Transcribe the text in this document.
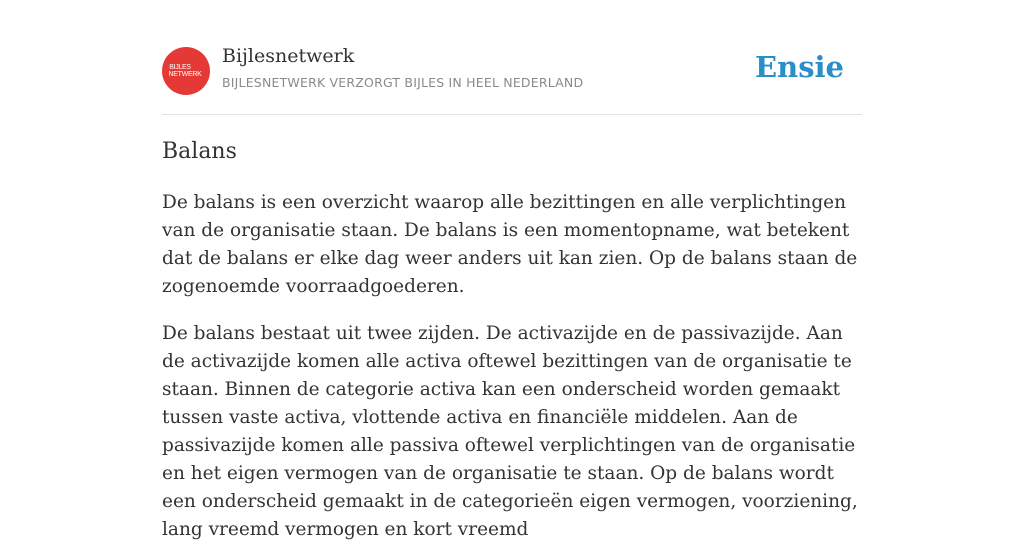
BIJLES
NETWERK
Bijlesnetwerk
BIJLESNETWERK VERZORGT BIJLES IN HEEL NEDERLAND	Ensie
Balans

De balans is een overzicht waarop alle bezittingen en alle verplichtingen van de organisatie staan. De balans is een momentopname, wat betekent dat de balans er elke dag weer anders uit kan zien. Op de balans staan de zogenoemde voorraadgoederen.

De balans bestaat uit twee zijden. De activazijde en de passivazijde. Aan de activazijde komen alle activa oftewel bezittingen van de organisatie te staan. Binnen de categorie activa kan een onderscheid worden gemaakt tussen vaste activa, vlottende activa en financiële middelen. Aan de passivazijde komen alle passiva oftewel verplichtingen van de organisatie en het eigen vermogen van de organisatie te staan. Op de balans wordt een onderscheid gemaakt in de categorieën eigen vermogen, voorziening, lang vreemd vermogen en kort vreemd
